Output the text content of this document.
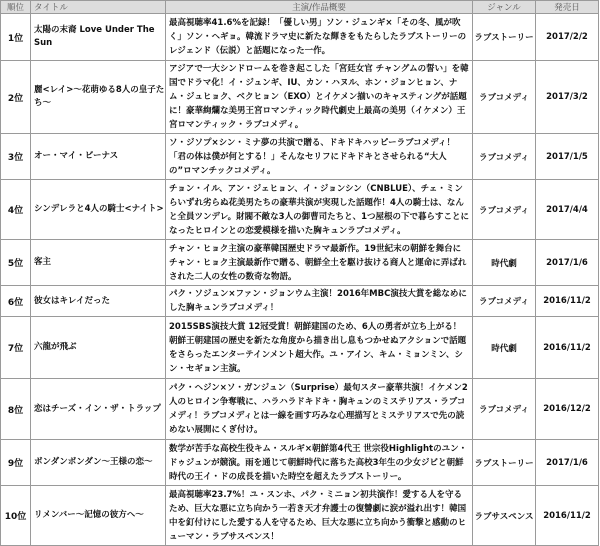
順位	タイトル	主演/作品概要	ジャンル	発売日
1位	太陽の末裔 Love Under The Sun	最高視聴率41.6%を記録！「優しい男」ソン・ジュンギ×「その冬、風が吹く」ソン・ヘギョ。韓流ドラマ史に新たな輝きをもたらしたラブストーリーのレジェンド（伝説）と話題になった一作。	ラブストーリー	2017/2/2
2位	麗<レイ>～花萌ゆる8人の皇子たち～	アジアで一大シンドロームを巻き起こした「宮廷女官 チャングムの誓い」を韓国でドラマ化！イ・ジュンギ、IU、カン・ハヌル、ホン・ジョンヒョン、ナム・ジュヒョク、ベクヒョン（EXO）とイケメン揃いのキャスティングが話題に！豪華絢爛な美男王宮ロマンティック時代劇史上最高の美男（イケメン）王宮ロマンティック・ラブコメディ。	ラブコメディ	2017/3/2
3位	オー・マイ・ビーナス	ソ・ジソプ×シン・ミナ夢の共演で贈る、ドキドキハッピーラブコメディ！「君の体は僕が何とする！」そんなセリフにドキドキとさせられる“大人の”ロマンチックコメディ。	ラブコメディ	2017/1/5
4位	シンデレラと4人の騎士<ナイト>	チョン・イル、アン・ジェヒョン、イ・ジョンシン（CNBLUE）、チェ・ミンらいずれ劣らぬ花美男たちの豪華共演が実現した話題作！4人の騎士は、なんと全員ツンデレ。財閥不敵な3人の御曹司たちと、1つ屋根の下で暮らすことになったヒロインとの恋愛模様を描いた胸キュンラブコメディ。	ラブコメディ	2017/4/4
5位	客主	チャン・ヒョク主演の豪華韓国歴史ドラマ最新作。19世紀末の朝鮮を舞台にチャン・ヒョク主演最新作で贈る、朝鮮全土を駆け抜ける商人と運命に弄ばれされた二人の女性の数奇な物語。	時代劇	2017/1/6
6位	彼女はキレイだった	パク・ソジュン×ファン・ジョンウム主演！2016年MBC演技大賞を総なめにした胸キュンラブコメディ！	ラブコメディ	2016/11/2
7位	六龍が飛ぶ	2015SBS演技大賞 12冠受賞！朝鮮建国のため、6人の勇者が立ち上がる！朝鮮王朝建国の歴史を新たな角度から描き出し息もつかせぬアクションで話題をさらったエンターテインメント超大作。ユ・アイン、キム・ミョンミン、シン・セギョン主演。	時代劇	2016/11/2
8位	恋はチーズ・イン・ザ・トラップ	パク・ヘジン×ソ・ガンジュン（Surprise）最旬スター豪華共演！イケメン2人のヒロイン争奪戦に、ハラハラドキドキ・胸キュンのミステリアス・ラブコメディ！ラブコメディとは一線を画す巧みな心理描写とミステリアスで先の読めない展開にくぎ付け。	ラブコメディ	2016/12/2
9位	ボンダンボンダン～王様の恋～	数学が苦手な高校生役キム・スルギ×朝鮮第4代王 世宗役Highlightのユン・ドゥジュンが競演。雨を通じて朝鮮時代に落ちた高校3年生の少女ジビと朝鮮時代の王イ・ドの成長を描いた時空を超えたラブストーリー。	ラブストーリー	2017/1/6
10位	リメンバー～記憶の彼方へ～	最高視聴率23.7%！ユ・スンホ、パク・ミニョン初共演作！愛する人を守るため、巨大な悪に立ち向かう一若き天才弁護士の復讐劇に涙が溢れ出す！韓国中を釘付けにした愛する人を守るため、巨大な悪に立ち向かう衝撃と感動のヒューマン・ラブサスペンス！	ラブサスペンス	2016/11/2
